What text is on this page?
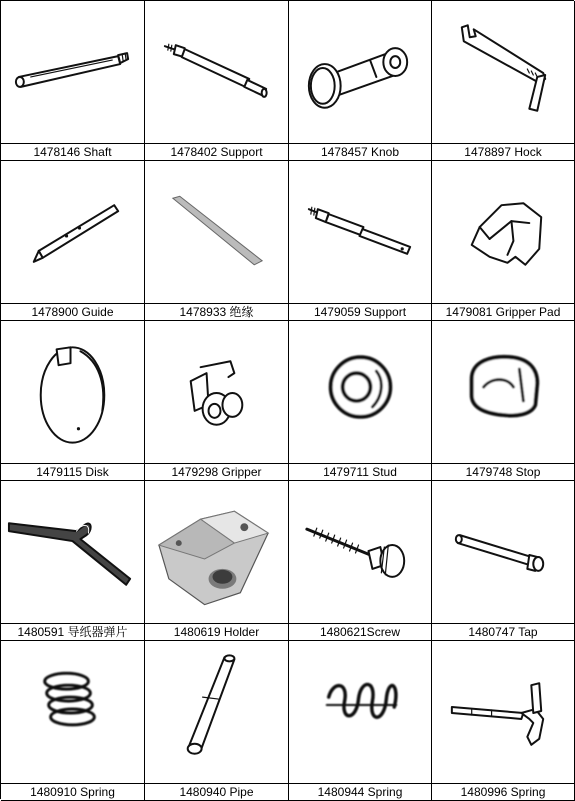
1478146 Shaft	1478402 Support	1478457 Knob	1478897 Hock
1478900 Guide	1478933 绝缘	1479059 Support	1479081 Gripper Pad
1479115 Disk	1479298 Gripper	1479711 Stud	1479748 Stop
1480591 导纸器弹片	1480619 Holder	1480621Screw	1480747 Tap
1480910 Spring	1480940 Pipe	1480944 Spring	1480996 Spring
